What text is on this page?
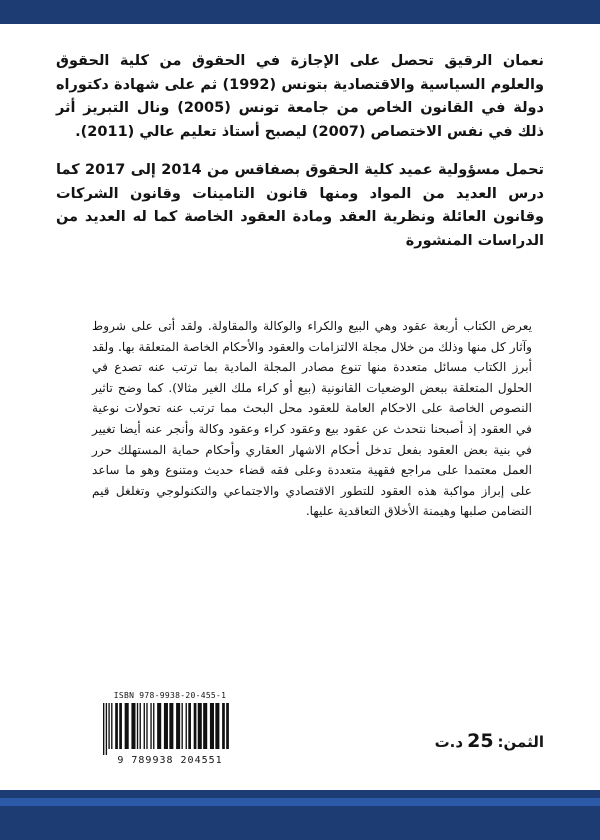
نعمان الرقيق تحصل على الإجازة في الحقوق من كلية الحقوق والعلوم السياسية والاقتصادية بتونس (1992) ثم على شهادة دكتوراه دولة في القانون الخاص من جامعة تونس (2005) ونال التبريز أثر ذلك في نفس الاختصاص (2007) ليصبح أستاذ تعليم عالي (2011).

تحمل مسؤولية عميد كلية الحقوق بصفاقس من 2014 إلى 2017 كما درس العديد من المواد ومنها قانون التامينات وقانون الشركات وقانون العائلة ونظرية العقد ومادة العقود الخاصة كما له العديد من الدراسات المنشورة

يعرض الكتاب أربعة عقود وهي البيع والكراء والوكالة والمقاولة. ولقد أتى على شروط وآثار كل منها وذلك من خلال مجلة الالتزامات والعقود والأحكام الخاصة المتعلقة بها. ولقد أبرز الكتاب مسائل متعددة منها تنوع مصادر المجلة المادية بما ترتب عنه تصدع في الحلول المتعلقة ببعض الوضعيات القانونية (بيع أو كراء ملك الغير مثالا). كما وضح تاثير النصوص الخاصة على الاحكام العامة للعقود محل البحث مما ترتب عنه تحولات نوعية في العقود إذ أصبحنا نتحدث عن عقود بيع وعقود كراء وعقود وكالة وأنجر عنه أيضا تغيير في بنية بعض العقود بفعل تدخل أحكام الاشهار العقاري وأحكام حماية المستهلك حرر العمل معتمدا على مراجع فقهية متعددة وعلى فقه قضاء حديث ومتنوع وهو ما ساعد على إبراز مواكبة هذه العقود للتطور الاقتصادي والاجتماعي والتكنولوجي وتغلغل قيم التضامن صلبها وهيمنة الأخلاق التعاقدية عليها.

الثمن:25د.ت
ISBN 978-9938-20-455-1
9 789938 204551
